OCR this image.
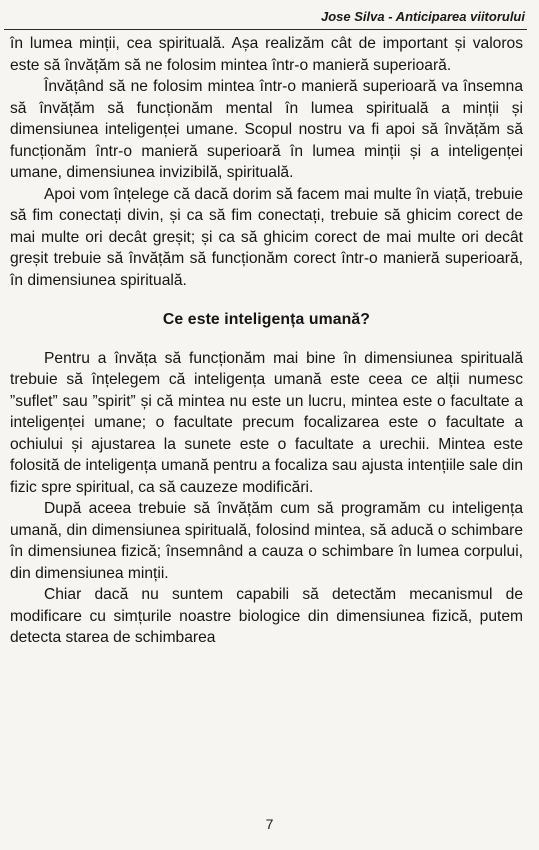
Jose Silva - Anticiparea viitorului

în lumea minții, cea spirituală. Așa realizăm cât de important și valoros este să învățăm să ne folosim mintea într-o manieră superioară.

Învățând să ne folosim mintea într-o manieră superioară va însemna să învățăm să funcționăm mental în lumea spirituală a minții și dimensiunea inteligenței umane. Scopul nostru va fi apoi să învățăm să funcționăm într-o manieră superioară în lumea minții și a inteligenței umane, dimensiunea invizibilă, spirituală.

Apoi vom înțelege că dacă dorim să facem mai multe în viață, trebuie să fim conectați divin, și ca să fim conectați, trebuie să ghicim corect de mai multe ori decât greșit; și ca să ghicim corect de mai multe ori decât greșit trebuie să învățăm să funcționăm corect într-o manieră superioară, în dimensiunea spirituală.

Ce este inteligența umană?

Pentru a învăța să funcționăm mai bine în dimensiunea spirituală trebuie să înțelegem că inteligența umană este ceea ce alții numesc ”suflet” sau ”spirit” și că mintea nu este un lucru, mintea este o facultate a inteligenței umane; o facultate precum focalizarea este o facultate a ochiului și ajustarea la sunete este o facultate a urechii. Mintea este folosită de inteligența umană pentru a focaliza sau ajusta intențiile sale din fizic spre spiritual, ca să cauzeze modificări.

După aceea trebuie să învățăm cum să programăm cu inteligența umană, din dimensiunea spirituală, folosind mintea, să aducă o schimbare în dimensiunea fizică; însemnând a cauza o schimbare în lumea corpului, din dimensiunea minții.

Chiar dacă nu suntem capabili să detectăm mecanismul de modificare cu simțurile noastre biologice din dimensiunea fizică, putem detecta starea de schimbarea

7
